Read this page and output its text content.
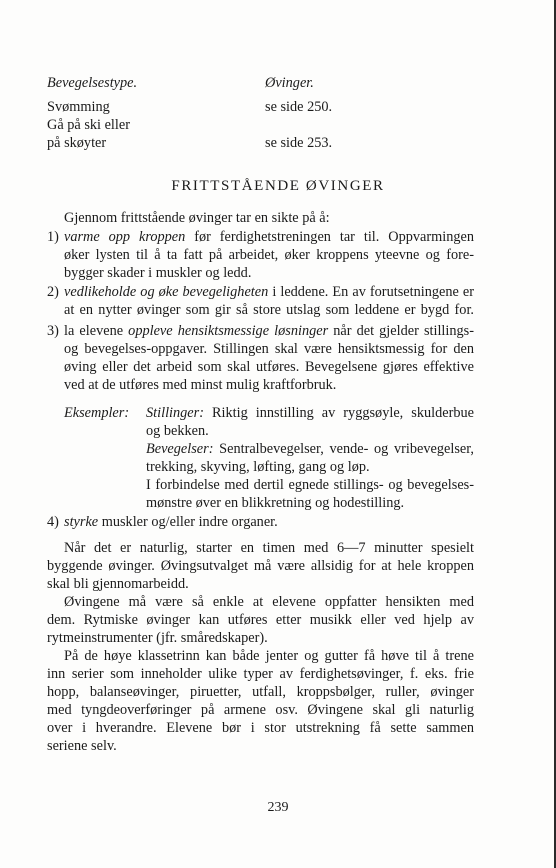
Bevegelsestype.	Øvinger.

Svømming	se side 250.

Gå på ski eller

på skøyter	se side 253.

FRITTSTÅENDE ØVINGER

Gjennom frittstående øvinger tar en sikte på å:

1) varme opp kroppen før ferdighetstreningen tar til. Oppvarmingen

øker lysten til å ta fatt på arbeidet, øker kroppens yteevne og fore-

bygger skader i muskler og ledd.

2) vedlikeholde og øke bevegeligheten i leddene. En av forutsetningene er

at en nytter øvinger som gir så store utslag som leddene er bygd for.

3) la elevene oppleve hensiktsmessige løsninger når det gjelder stillings-

og bevegelses-oppgaver. Stillingen skal være hensiktsmessig for den

øving eller det arbeid som skal utføres. Bevegelsene gjøres effektive

ved at de utføres med minst mulig kraftforbruk.

Eksempler: Stillinger: Riktig innstilling av ryggsøyle, skulderbue

og bekken.

Bevegelser: Sentralbevegelser, vende- og vribevegelser,

trekking, skyving, løfting, gang og løp.

I forbindelse med dertil egnede stillings- og bevegelses-

mønstre øver en blikkretning og hodestilling.

4) styrke muskler og/eller indre organer.

Når det er naturlig, starter en timen med 6—7 minutter spesielt

byggende øvinger. Øvingsutvalget må være allsidig for at hele kroppen

skal bli gjennomarbeidd.

Øvingene må være så enkle at elevene oppfatter hensikten med

dem. Rytmiske øvinger kan utføres etter musikk eller ved hjelp av

rytmeinstrumenter (jfr. småredskaper).

På de høye klassetrinn kan både jenter og gutter få høve til å trene

inn serier som inneholder ulike typer av ferdighetsøvinger, f. eks. frie

hopp, balanseøvinger, piruetter, utfall, kroppsbølger, ruller, øvinger

med tyngdeoverføringer på armene osv. Øvingene skal gli naturlig

over i hverandre. Elevene bør i stor utstrekning få sette sammen

seriene selv.

239
